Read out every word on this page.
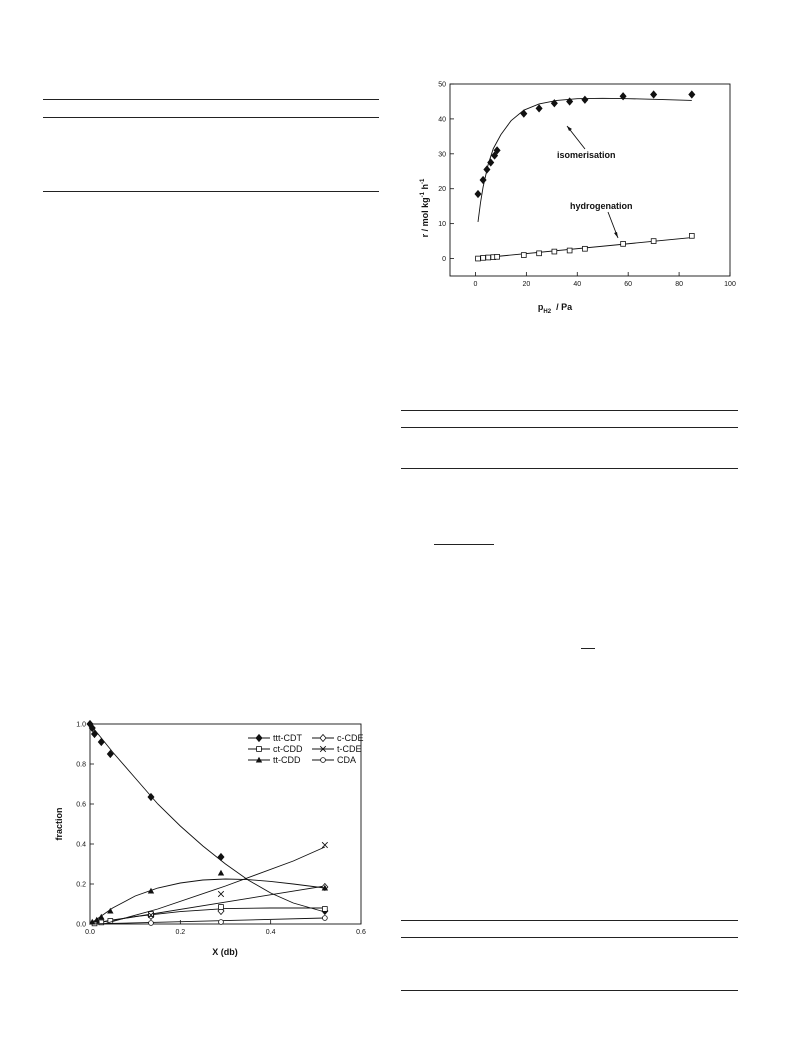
0	20	40	60	80	100
0
10
20
30
40
50
r / mol $kg^{-1}$ $h^{-1}$
$p_{H2}$ / Pa
isomerisation
hydrogenation
0.0	0.2	0.4	0.6
0.0
0.2
0.4
0.6
0.8
1.0
fraction
X (db)
ttt-CDT	c-CDE
ct-CDD	t-CDE
tt-CDD	CDA
